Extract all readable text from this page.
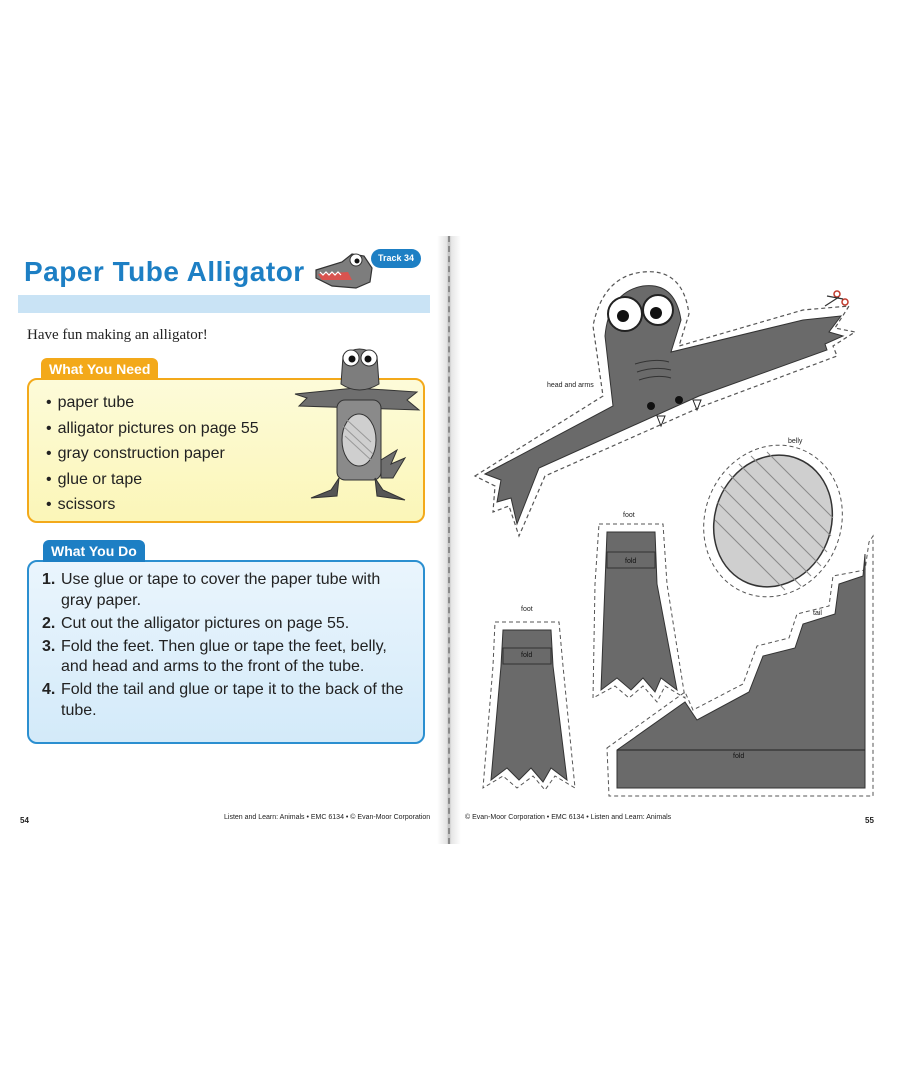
Paper Tube Alligator	Track 34
Have fun making an alligator!
What You Need
• paper tube
• alligator pictures on page 55
• gray construction paper
• glue or tape
• scissors
What You Do
1. Use glue or tape to cover the paper tube with gray paper.
2. Cut out the alligator pictures on page 55.
3. Fold the feet. Then glue or tape the feet, belly, and head and arms to the front of the tube.
4. Fold the tail and glue or tape it to the back of the tube.
54	Listen and Learn: Animals • EMC 6134 • © Evan-Moor Corporation
head and arms
belly
foot
foot
tail
fold
fold
fold
© Evan-Moor Corporation • EMC 6134 • Listen and Learn: Animals	55
